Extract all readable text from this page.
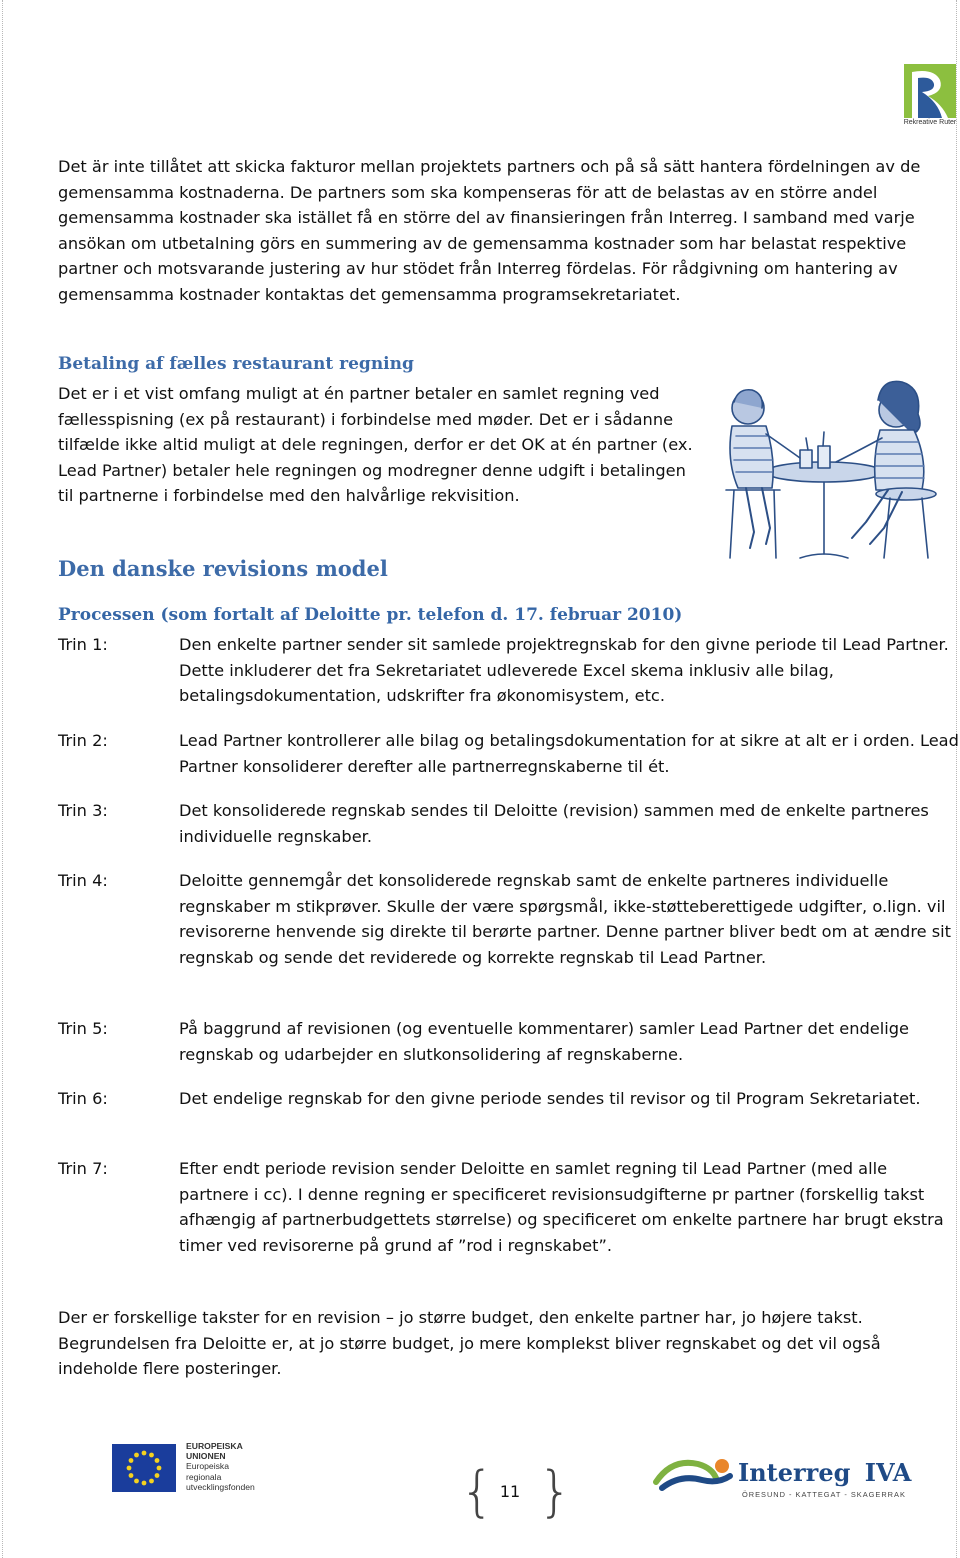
Rekreative Ruter

Det är inte tillåtet att skicka fakturor mellan projektets partners och på så sätt hantera fördelningen av de gemensamma kostnaderna. De partners som ska kompenseras för att de belastas av en större andel gemensamma kostnader ska istället få en större del av finansieringen från Interreg. I samband med varje ansökan om utbetalning görs en summering av de gemensamma kostnader som har belastat respektive partner och motsvarande justering av hur stödet från Interreg fördelas. För rådgivning om hantering av gemensamma kostnader kontaktas det gemensamma programsekretariatet.

Betaling af fælles restaurant regning

Det er i et vist omfang muligt at én partner betaler en samlet regning ved fællesspisning (ex på restaurant) i forbindelse med møder. Det er i sådanne tilfælde ikke altid muligt at dele regningen, derfor er det OK at én partner (ex. Lead Partner) betaler hele regningen og modregner denne udgift i betalingen til partnerne i forbindelse med den halvårlige rekvisition.

Den danske revisions model
Processen (som fortalt af Deloitte pr. telefon d. 17. februar 2010)
Trin 1:	Den enkelte partner sender sit samlede projektregnskab for den givne periode til Lead Partner. Dette inkluderer det fra Sekretariatet udleverede Excel skema inklusiv alle bilag, betalingsdokumentation, udskrifter fra økonomisystem, etc.

Trin 2:	Lead Partner kontrollerer alle bilag og betalingsdokumentation for at sikre at alt er i orden. Lead Partner konsoliderer derefter alle partnerregnskaberne til ét.

Trin 3:	Det konsoliderede regnskab sendes til Deloitte (revision) sammen med de enkelte partneres individuelle regnskaber.

Trin 4:	Deloitte gennemgår det konsoliderede regnskab samt de enkelte partneres individuelle regnskaber m stikprøver. Skulle der være spørgsmål, ikke-støtteberettigede udgifter, o.lign. vil revisorerne henvende sig direkte til berørte partner. Denne partner bliver bedt om at ændre sit regnskab og sende det reviderede og korrekte regnskab til Lead Partner.

Trin 5:	På baggrund af revisionen (og eventuelle kommentarer) samler Lead Partner det endelige regnskab og udarbejder en slutkonsolidering af regnskaberne.

Trin 6:	Det endelige regnskab for den givne periode sendes til revisor og til Program Sekretariatet.

Trin 7:	Efter endt periode revision sender Deloitte en samlet regning til Lead Partner (med alle partnere i cc). I denne regning er specificeret revisionsudgifterne pr partner (forskellig takst afhængig af partnerbudgettets størrelse) og specificeret om enkelte partnere har brugt ekstra timer ved revisorerne på grund af ”rod i regnskabet”.

Der er forskellige takster for en revision – jo større budget, den enkelte partner har, jo højere takst. Begrundelsen fra Deloitte er, at jo større budget, jo mere komplekst bliver regnskabet og det vil også indeholde flere posteringer.

EUROPEISKA
UNIONEN
Europeiska
regionala
utvecklingsfonden	{ }
11
Interreg IVA
ÖRESUND - KATTEGAT - SKAGERRAK
